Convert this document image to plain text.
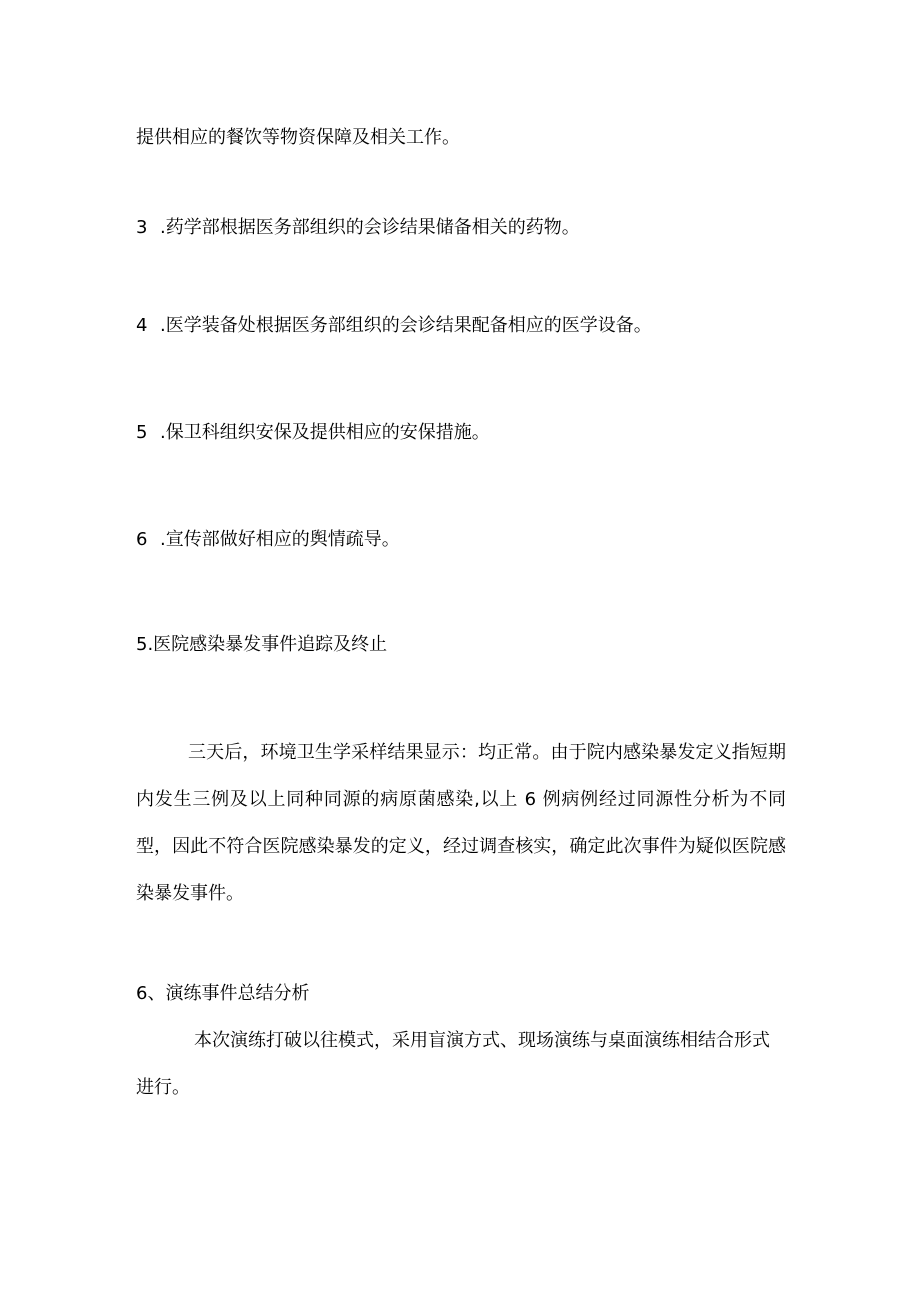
提供相应的餐饮等物资保障及相关工作。
3 .药学部根据医务部组织的会诊结果储备相关的药物。
4 .医学装备处根据医务部组织的会诊结果配备相应的医学设备。
5 .保卫科组织安保及提供相应的安保措施。
6 .宣传部做好相应的舆情疏导。
5.医院感染暴发事件追踪及终止
三天后，环境卫生学采样结果显示：均正常。由于院内感染暴发定义指短期内发生三例及以上同种同源的病原菌感染,以上 6 例病例经过同源性分析为不同型，因此不符合医院感染暴发的定义，经过调查核实，确定此次事件为疑似医院感染暴发事件。
6、演练事件总结分析
本次演练打破以往模式，采用盲演方式、现场演练与桌面演练相结合形式进行。
